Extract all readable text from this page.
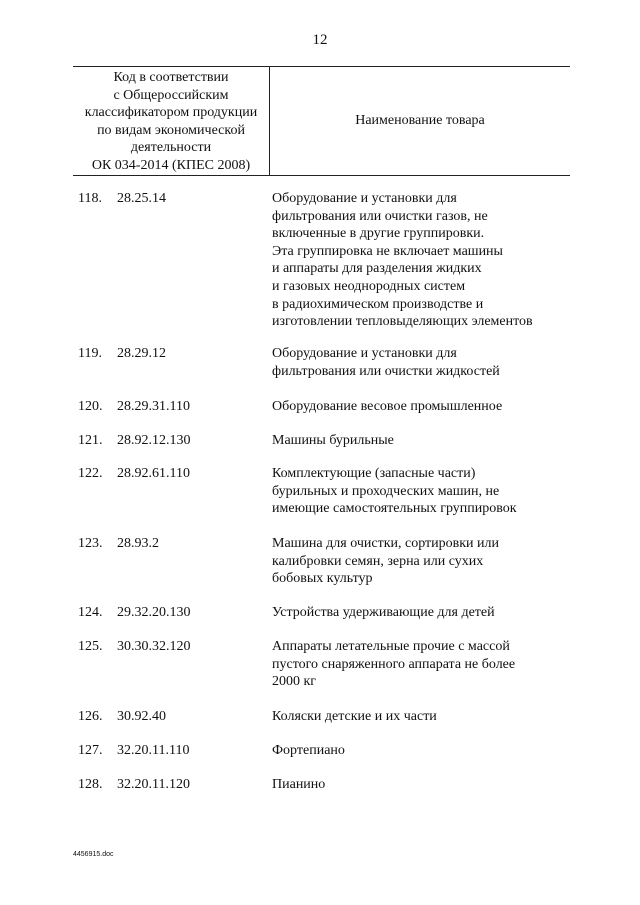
12
Код в соответствии
с Общероссийским
классификатором продукции
по видам экономической
деятельности
ОК 034-2014 (КПЕС 2008)
Наименование товара
118. 28.25.14	Оборудование и установки для
фильтрования или очистки газов, не
включенные в другие группировки.
Эта группировка не включает машины
и аппараты для разделения жидких
и газовых неоднородных систем
в радиохимическом производстве и
изготовлении тепловыделяющих элементов
119. 28.29.12	Оборудование и установки для
фильтрования или очистки жидкостей
120. 28.29.31.110	Оборудование весовое промышленное
121. 28.92.12.130	Машины бурильные
122. 28.92.61.110	Комплектующие (запасные части)
бурильных и проходческих машин, не
имеющие самостоятельных группировок
123. 28.93.2	Машина для очистки, сортировки или
калибровки семян, зерна или сухих
бобовых культур
124. 29.32.20.130	Устройства удерживающие для детей
125. 30.30.32.120	Аппараты летательные прочие с массой
пустого снаряженного аппарата не более
2000 кг
126. 30.92.40	Коляски детские и их части
127. 32.20.11.110	Фортепиано
128. 32.20.11.120	Пианино
4456915.doc
